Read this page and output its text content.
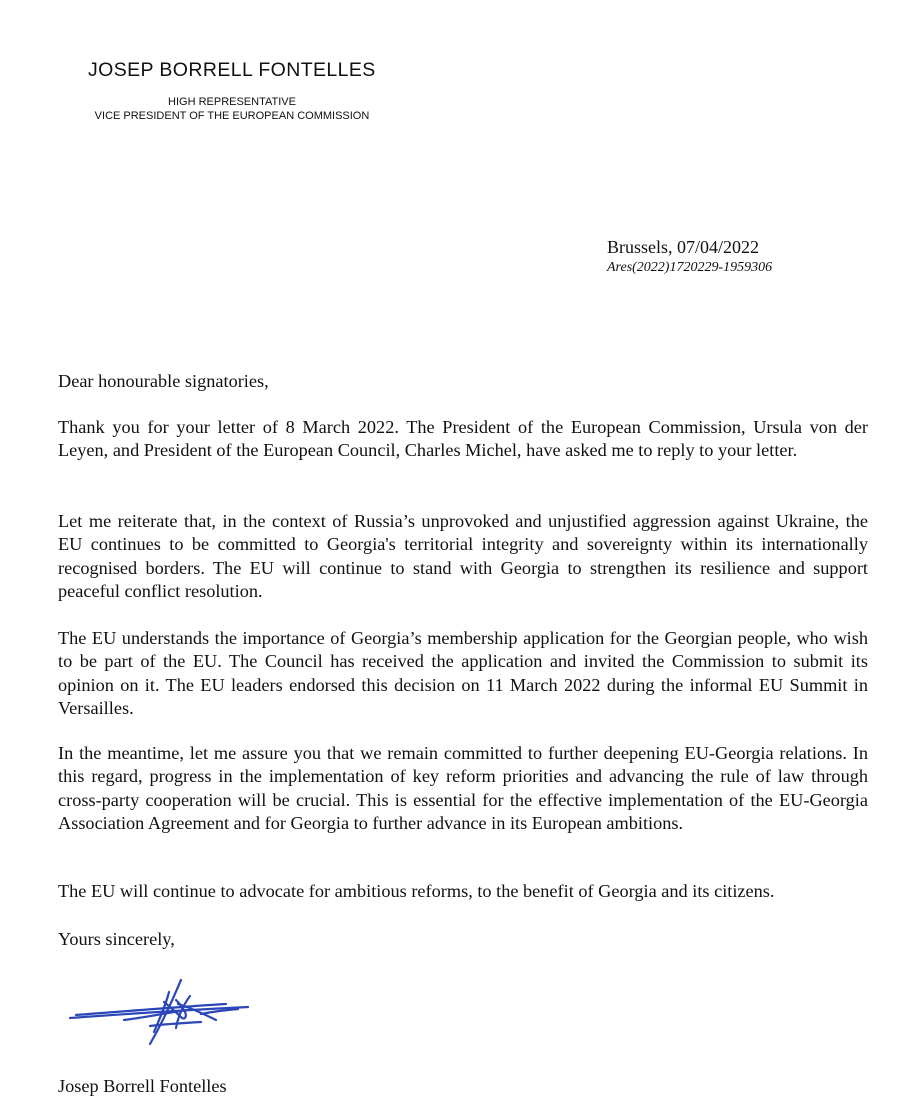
JOSEP BORRELL FONTELLES
HIGH REPRESENTATIVE
VICE PRESIDENT OF THE EUROPEAN COMMISSION
Brussels, 07/04/2022
Ares(2022)1720229-1959306

Dear honourable signatories,

Thank you for your letter of 8 March 2022. The President of the European Commission, Ursula von der Leyen, and President of the European Council, Charles Michel, have asked me to reply to your letter.

Let me reiterate that, in the context of Russia’s unprovoked and unjustified aggression against Ukraine, the EU continues to be committed to Georgia's territorial integrity and sovereignty within its internationally recognised borders. The EU will continue to stand with Georgia to strengthen its resilience and support peaceful conflict resolution.

The EU understands the importance of Georgia’s membership application for the Georgian people, who wish to be part of the EU. The Council has received the application and invited the Commission to submit its opinion on it. The EU leaders endorsed this decision on 11 March 2022 during the informal EU Summit in Versailles.

In the meantime, let me assure you that we remain committed to further deepening EU-Georgia relations. In this regard, progress in the implementation of key reform priorities and advancing the rule of law through cross-party cooperation will be crucial. This is essential for the effective implementation of the EU-Georgia Association Agreement and for Georgia to further advance in its European ambitions.

The EU will continue to advocate for ambitious reforms, to the benefit of Georgia and its citizens.

Yours sincerely,

Josep Borrell Fontelles
